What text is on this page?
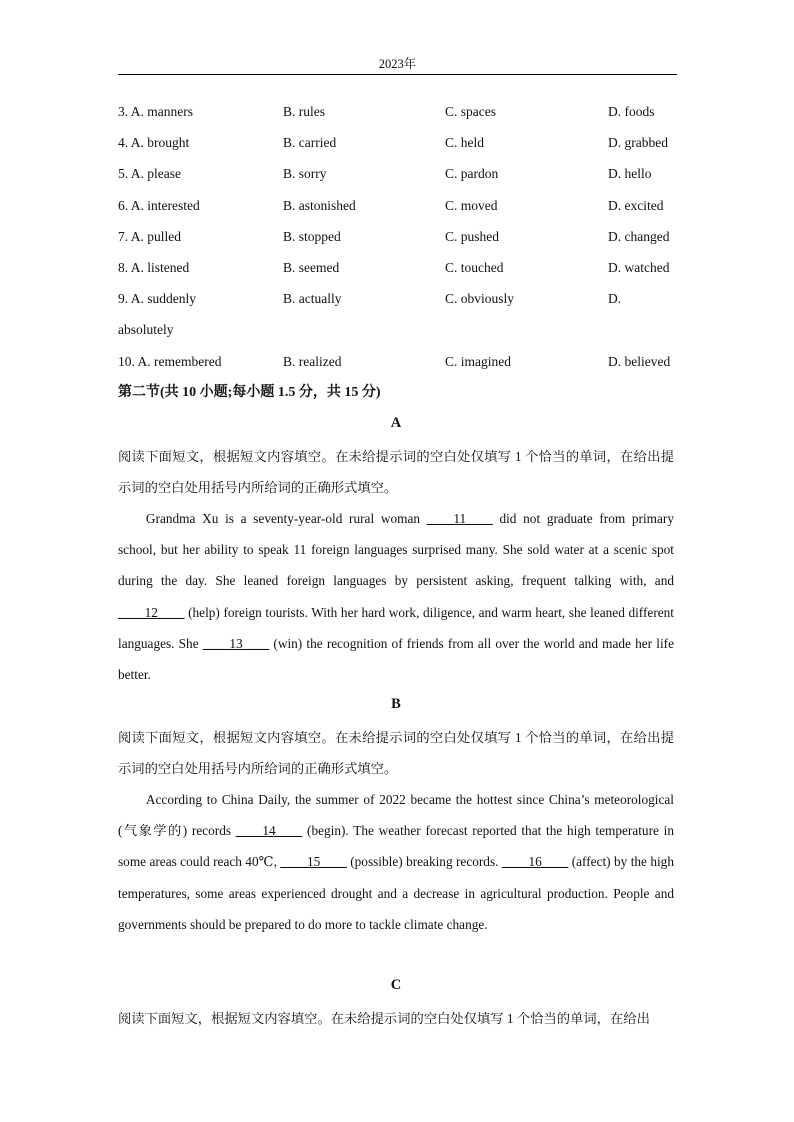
2023年
3. A. manners	B. rules	C. spaces	D. foods
4. A. brought	B. carried	C. held	D. grabbed
5. A. please	B. sorry	C. pardon	D. hello
6. A. interested	B. astonished	C. moved	D. excited
7. A. pulled	B. stopped	C. pushed	D. changed
8. A. listened	B. seemed	C. touched	D. watched
9. A. suddenly	B. actually	C. obviously	D.
absolutely
10. A. remembered	B. realized	C. imagined	D. believed
第二节(共 10 小题;每小题 1.5 分，共 15 分)
A

阅读下面短文，根据短文内容填空。在未给提示词的空白处仅填写 1 个恰当的单词，在给出提示词的空白处用括号内所给词的正确形式填空。

Grandma Xu is a seventy-year-old rural woman ____11____ did not graduate from primary school, but her ability to speak 11 foreign languages surprised many. She sold water at a scenic spot during the day. She leaned foreign languages by persistent asking, frequent talking with, and ____12____ (help) foreign tourists. With her hard work, diligence, and warm heart, she leaned different languages. She ____13____ (win) the recognition of friends from all over the world and made her life better.

B

阅读下面短文，根据短文内容填空。在未给提示词的空白处仅填写 1 个恰当的单词，在给出提示词的空白处用括号内所给词的正确形式填空。

According to China Daily, the summer of 2022 became the hottest since China’s meteorological (气象学的) records ____14____ (begin). The weather forecast reported that the high temperature in some areas could reach 40℃, ____15____ (possible) breaking records. ____16____ (affect) by the high temperatures, some areas experienced drought and a decrease in agricultural production. People and governments should be prepared to do more to tackle climate change.

C

阅读下面短文，根据短文内容填空。在未给提示词的空白处仅填写 1 个恰当的单词，在给出
